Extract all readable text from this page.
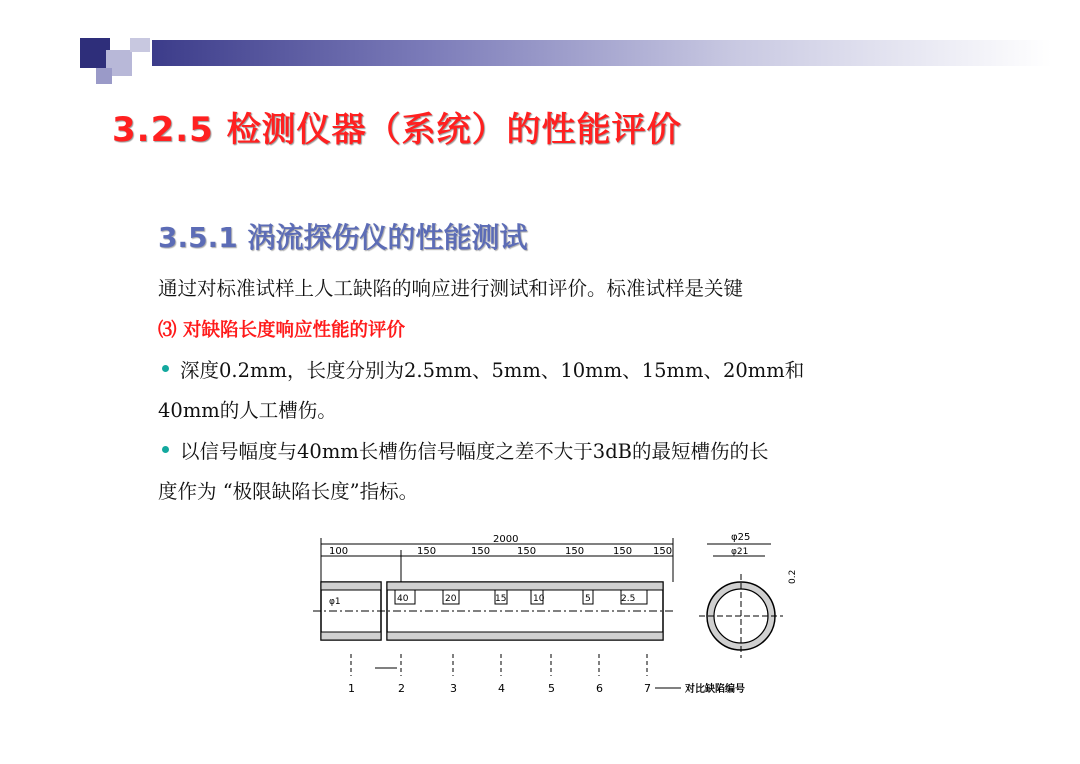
3.2.5 检测仪器（系统）的性能评价
3.5.1 涡流探伤仪的性能测试
通过对标准试样上人工缺陷的响应进行测试和评价。标准试样是关键
⑶ 对缺陷长度响应性能的评价
深度0.2mm，长度分别为2.5mm、5mm、10mm、15mm、20mm和
40mm的人工槽伤。
以信号幅度与40mm长槽伤信号幅度之差不大于3dB的最短槽伤的长
度作为 “极限缺陷长度”指标。
2000
100	150	150	150	150	150 150
40	20	15	10	5	2.5
φ1
1	2	3	4	5	6	7	对比缺陷编号
φ25
φ21
0.2
